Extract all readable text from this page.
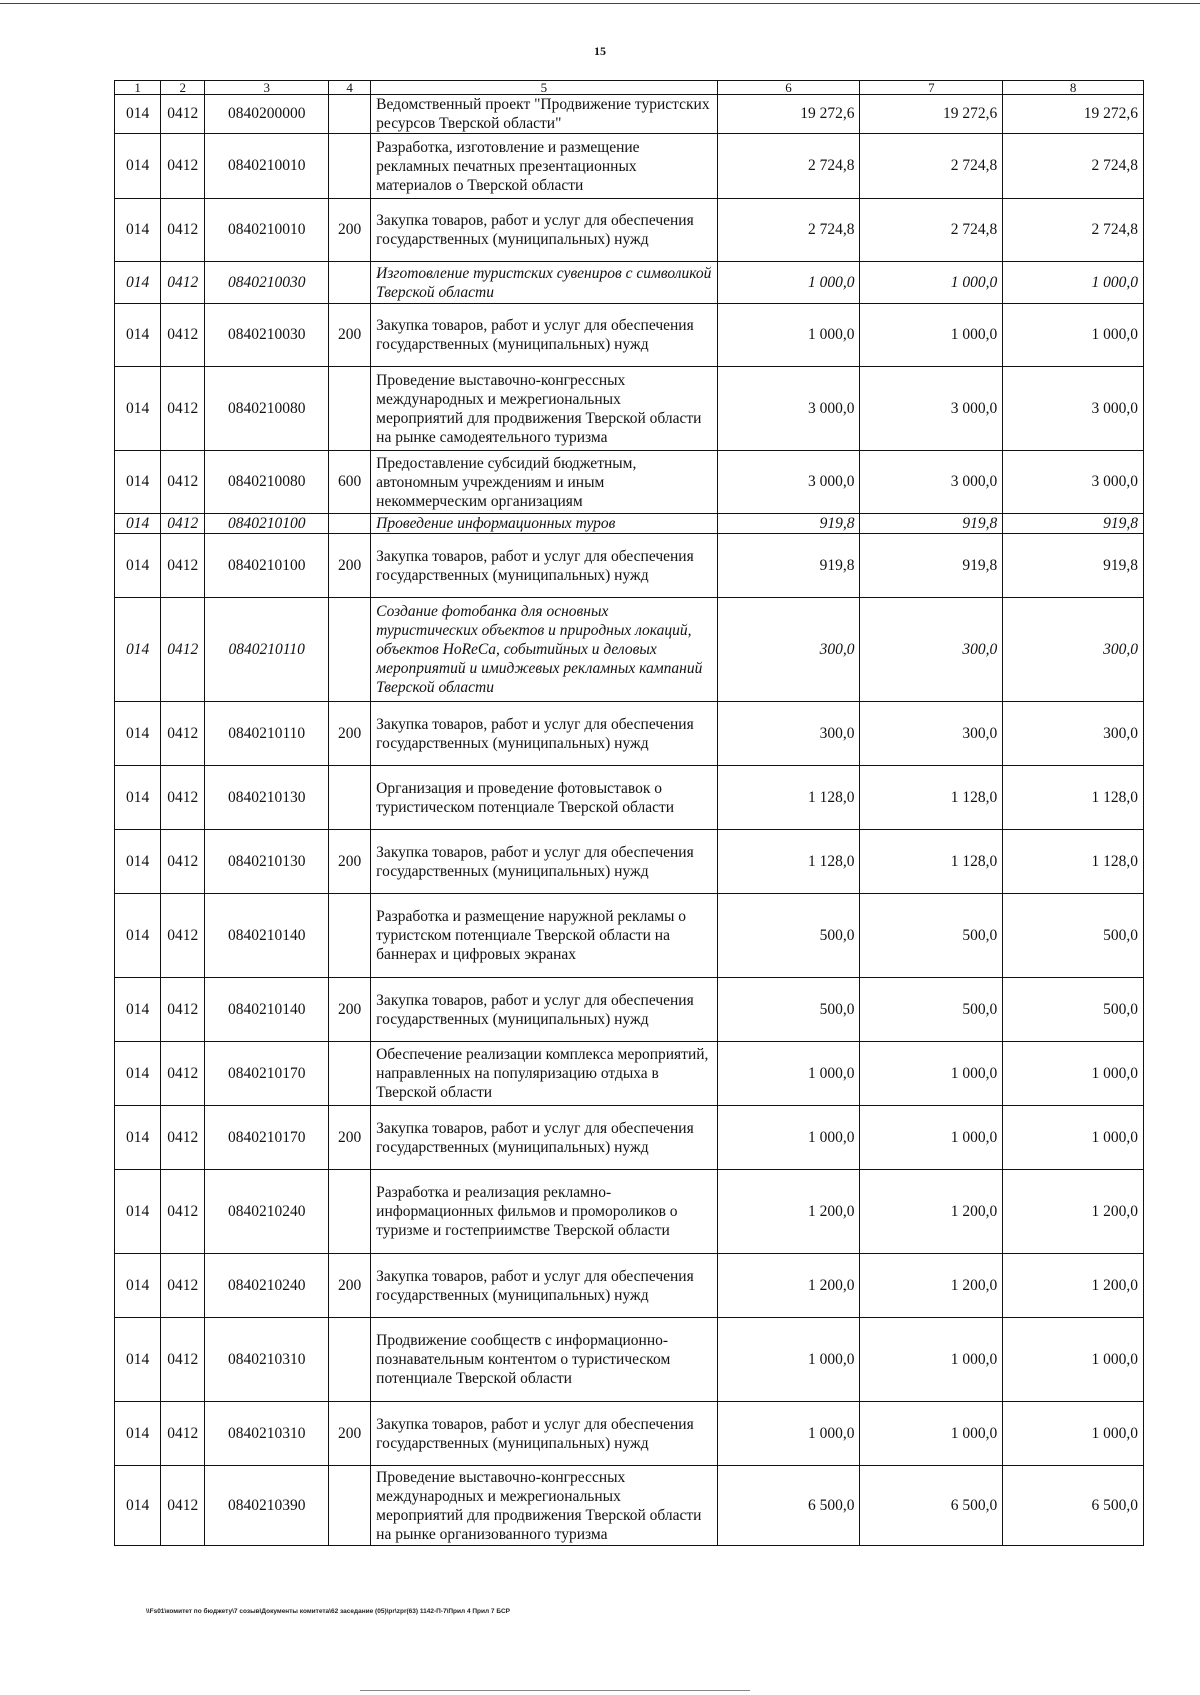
15
1	2	3	4	5	6	7	8
014	0412	0840200000		Ведомственный проект "Продвижение туристских ресурсов Тверской области"	19 272,6	19 272,6	19 272,6
014	0412	0840210010		Разработка, изготовление и размещение рекламных печатных презентационных материалов о Тверской области	2 724,8	2 724,8	2 724,8
014	0412	0840210010	200	Закупка товаров, работ и услуг для обеспечения государственных (муниципальных) нужд	2 724,8	2 724,8	2 724,8
014	0412	0840210030		Изготовление туристских сувениров с символикой Тверской области	1 000,0	1 000,0	1 000,0
014	0412	0840210030	200	Закупка товаров, работ и услуг для обеспечения государственных (муниципальных) нужд	1 000,0	1 000,0	1 000,0
014	0412	0840210080		Проведение выставочно-конгрессных международных и межрегиональных мероприятий для продвижения Тверской области на рынке самодеятельного туризма	3 000,0	3 000,0	3 000,0
014	0412	0840210080	600	Предоставление субсидий бюджетным, автономным учреждениям и иным некоммерческим организациям	3 000,0	3 000,0	3 000,0
014	0412	0840210100		Проведение информационных туров	919,8	919,8	919,8
014	0412	0840210100	200	Закупка товаров, работ и услуг для обеспечения государственных (муниципальных) нужд	919,8	919,8	919,8
014	0412	0840210110		Создание фотобанка для основных туристических объектов и природных локаций, объектов HoReCa, событийных и деловых мероприятий и имиджевых рекламных кампаний Тверской области	300,0	300,0	300,0
014	0412	0840210110	200	Закупка товаров, работ и услуг для обеспечения государственных (муниципальных) нужд	300,0	300,0	300,0
014	0412	0840210130		Организация и проведение фотовыставок о туристическом потенциале Тверской области	1 128,0	1 128,0	1 128,0
014	0412	0840210130	200	Закупка товаров, работ и услуг для обеспечения государственных (муниципальных) нужд	1 128,0	1 128,0	1 128,0
014	0412	0840210140		Разработка и размещение наружной рекламы о туристском потенциале Тверской области на баннерах и цифровых экранах	500,0	500,0	500,0
014	0412	0840210140	200	Закупка товаров, работ и услуг для обеспечения государственных (муниципальных) нужд	500,0	500,0	500,0
014	0412	0840210170		Обеспечение реализации комплекса мероприятий, направленных на популяризацию отдыха в Тверской области	1 000,0	1 000,0	1 000,0
014	0412	0840210170	200	Закупка товаров, работ и услуг для обеспечения государственных (муниципальных) нужд	1 000,0	1 000,0	1 000,0
014	0412	0840210240		Разработка и реализация рекламно-информационных фильмов и промороликов о туризме и гостеприимстве Тверской области	1 200,0	1 200,0	1 200,0
014	0412	0840210240	200	Закупка товаров, работ и услуг для обеспечения государственных (муниципальных) нужд	1 200,0	1 200,0	1 200,0
014	0412	0840210310		Продвижение сообществ с информационно-познавательным контентом о туристическом потенциале Тверской области	1 000,0	1 000,0	1 000,0
014	0412	0840210310	200	Закупка товаров, работ и услуг для обеспечения государственных (муниципальных) нужд	1 000,0	1 000,0	1 000,0
014	0412	0840210390		Проведение выставочно-конгрессных международных и межрегиональных мероприятий для продвижения Тверской области на рынке организованного туризма	6 500,0	6 500,0	6 500,0
\\Fs01\комитет по бюджету\7 созыв\Документы комитета\62 заседание (05)\pr\zpr(63) 1142-П-7\Прил 4 Прил 7 БСР
